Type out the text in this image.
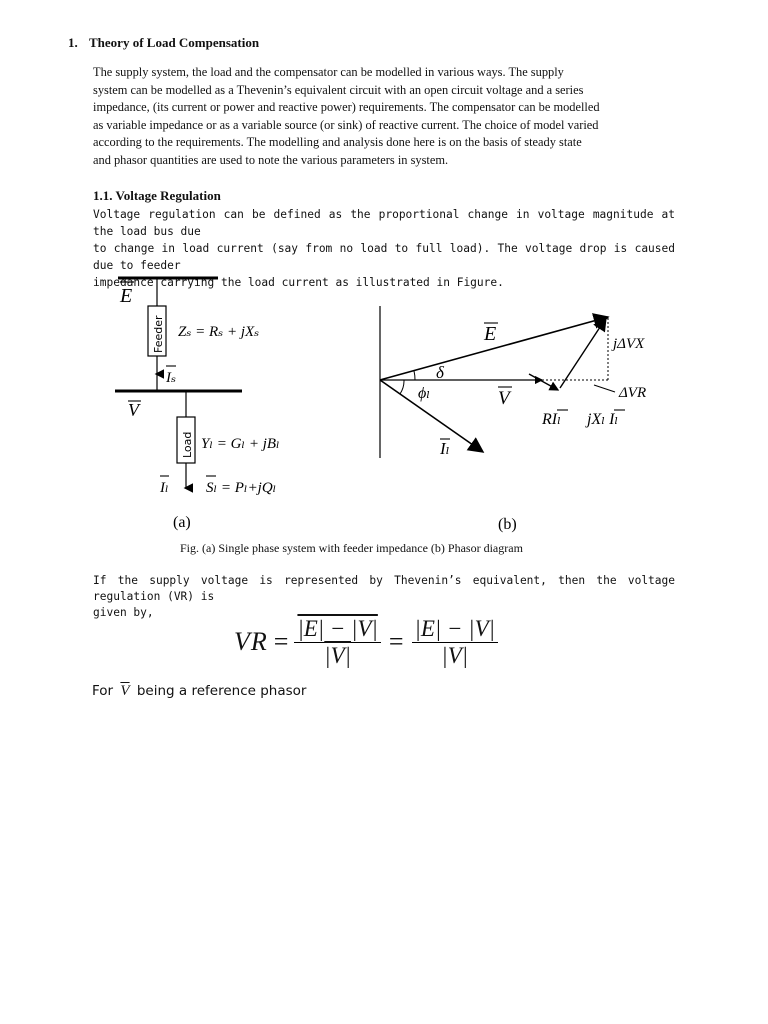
1. Theory of Load Compensation
The supply system, the load and the compensator can be modelled in various ways. The supply
system can be modelled as a Thevenin’s equivalent circuit with an open circuit voltage and a series
impedance, (its current or power and reactive power) requirements. The compensator can be modelled
as variable impedance or as a variable source (or sink) of reactive current. The choice of model varied
according to the requirements. The modelling and analysis done here is on the basis of steady state
and phasor quantities are used to note the various parameters in system.
1.1. Voltage Regulation
Voltage regulation can be defined as the proportional change in voltage magnitude at the load bus due
to change in load current (say from no load to full load). The voltage drop is caused due to feeder
impedance carrying the load current as illustrated in Figure.
E
Feeder Zₛ = Rₛ + jXₛ
Iₛ
V
Load Yₗ = Gₗ + jBₗ
Iₗ Sₗ = Pₗ+jQₗ
(a)
E
δ
ϕₗ	V
Iₗ
jΔVX
ΔVR
RIₗ jXₗ Iₗ
(b)
Fig. (a) Single phase system with feeder impedance (b) Phasor diagram
If the supply voltage is represented by Thevenin’s equivalent, then the voltage regulation (VR) is
given by,
VR = $\frac{|E| - |V|}{|V|} = \frac{|E| - |V|}{|V|}$
For $\overline{V}$ being a reference phasor
